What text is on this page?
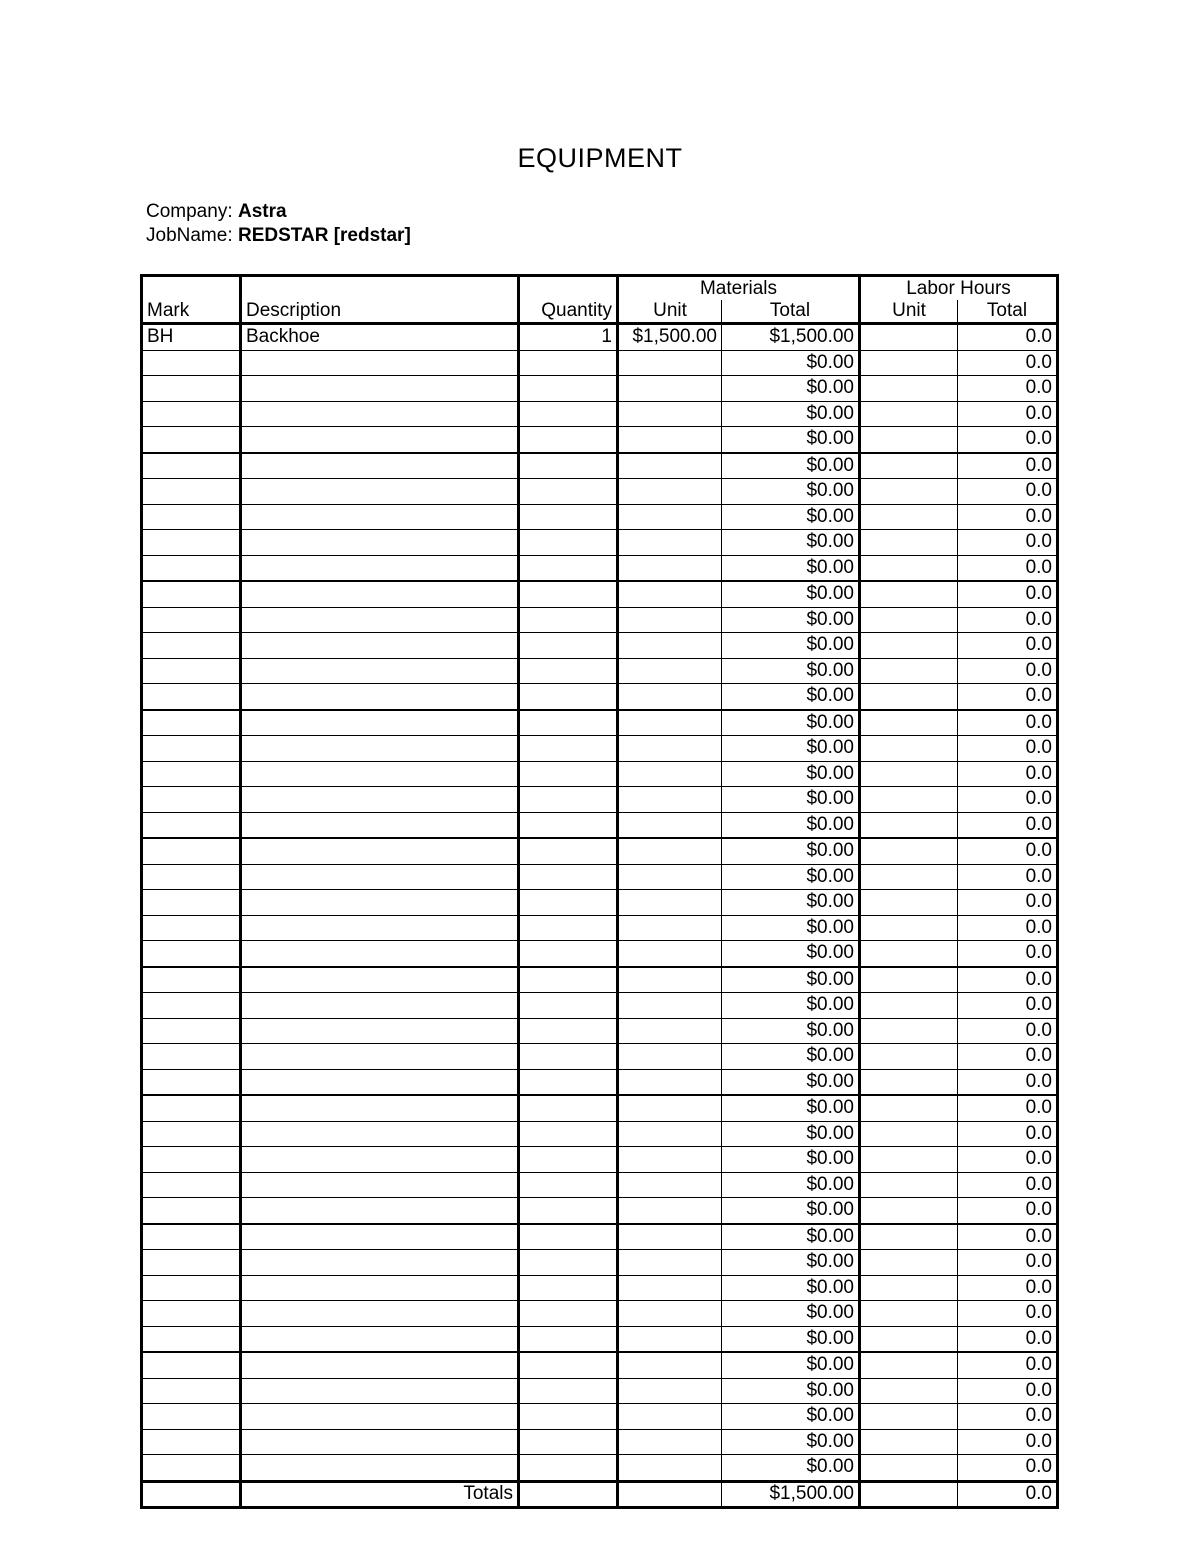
EQUIPMENT
Company: Astra
JobName: REDSTAR [redstar]
			Materials		Labor Hours	
Mark	Description	Quantity	Unit	Total	Unit	Total
BH	Backhoe	1	$1,500.00	$1,500.00		0.0
				$0.00		0.0
				$0.00		0.0
				$0.00		0.0
				$0.00		0.0
				$0.00		0.0
				$0.00		0.0
				$0.00		0.0
				$0.00		0.0
				$0.00		0.0
				$0.00		0.0
				$0.00		0.0
				$0.00		0.0
				$0.00		0.0
				$0.00		0.0
				$0.00		0.0
				$0.00		0.0
				$0.00		0.0
				$0.00		0.0
				$0.00		0.0
				$0.00		0.0
				$0.00		0.0
				$0.00		0.0
				$0.00		0.0
				$0.00		0.0
				$0.00		0.0
				$0.00		0.0
				$0.00		0.0
				$0.00		0.0
				$0.00		0.0
				$0.00		0.0
				$0.00		0.0
				$0.00		0.0
				$0.00		0.0
				$0.00		0.0
				$0.00		0.0
				$0.00		0.0
				$0.00		0.0
				$0.00		0.0
				$0.00		0.0
				$0.00		0.0
				$0.00		0.0
				$0.00		0.0
				$0.00		0.0
				$0.00		0.0
	Totals			$1,500.00		0.0
